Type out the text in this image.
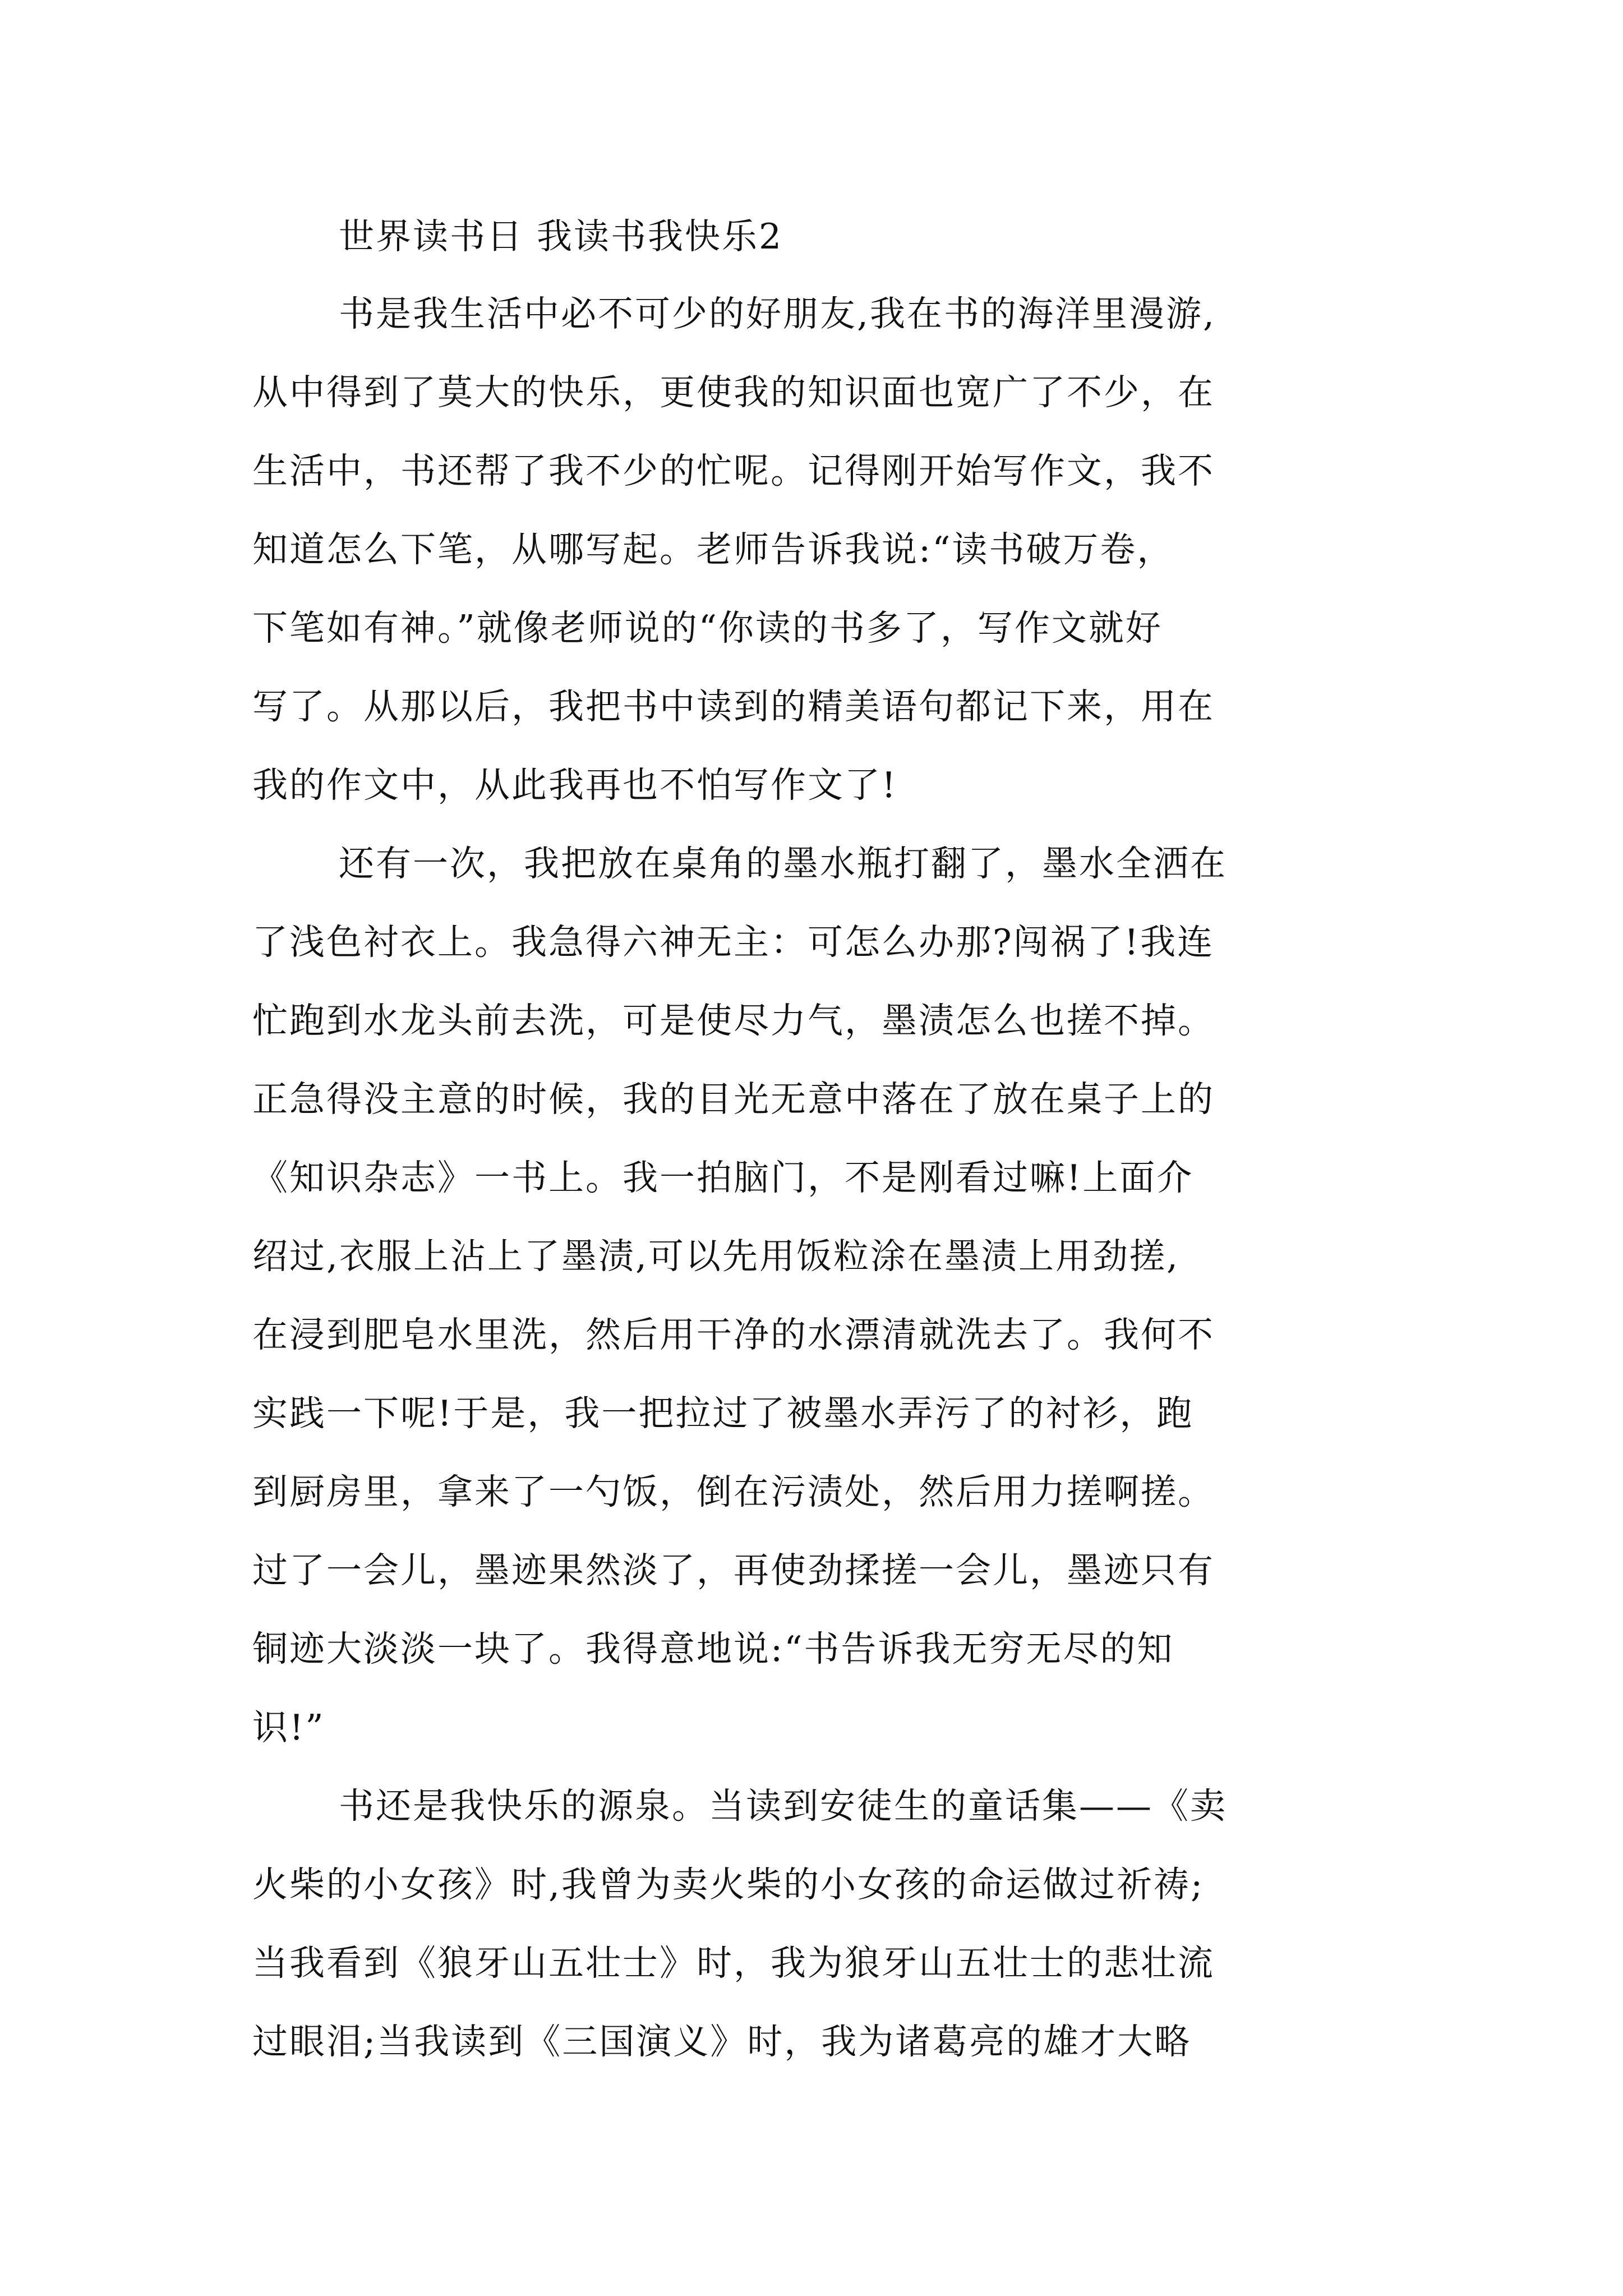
世界读书日 我读书我快乐2
书是我生活中必不可少的好朋友,我在书的海洋里漫游,
从中得到了莫大的快乐，更使我的知识面也宽广了不少，在
生活中，书还帮了我不少的忙呢。记得刚开始写作文，我不
知道怎么下笔，从哪写起。老师告诉我说:“读书破万卷，
下笔如有神。”就像老师说的“你读的书多了，写作文就好
写了。从那以后，我把书中读到的精美语句都记下来，用在
我的作文中，从此我再也不怕写作文了!
还有一次，我把放在桌角的墨水瓶打翻了，墨水全洒在
了浅色衬衣上。我急得六神无主：可怎么办那?闯祸了!我连
忙跑到水龙头前去洗，可是使尽力气，墨渍怎么也搓不掉。
正急得没主意的时候，我的目光无意中落在了放在桌子上的
《知识杂志》一书上。我一拍脑门，不是刚看过嘛!上面介
绍过,衣服上沾上了墨渍,可以先用饭粒涂在墨渍上用劲搓,
在浸到肥皂水里洗，然后用干净的水漂清就洗去了。我何不
实践一下呢!于是，我一把拉过了被墨水弄污了的衬衫，跑
到厨房里，拿来了一勺饭，倒在污渍处，然后用力搓啊搓。
过了一会儿，墨迹果然淡了，再使劲揉搓一会儿，墨迹只有
铜迹大淡淡一块了。我得意地说:“书告诉我无穷无尽的知
识!”
书还是我快乐的源泉。当读到安徒生的童话集——《卖
火柴的小女孩》时,我曾为卖火柴的小女孩的命运做过祈祷;
当我看到《狼牙山五壮士》时，我为狼牙山五壮士的悲壮流
过眼泪;当我读到《三国演义》时，我为诸葛亮的雄才大略
